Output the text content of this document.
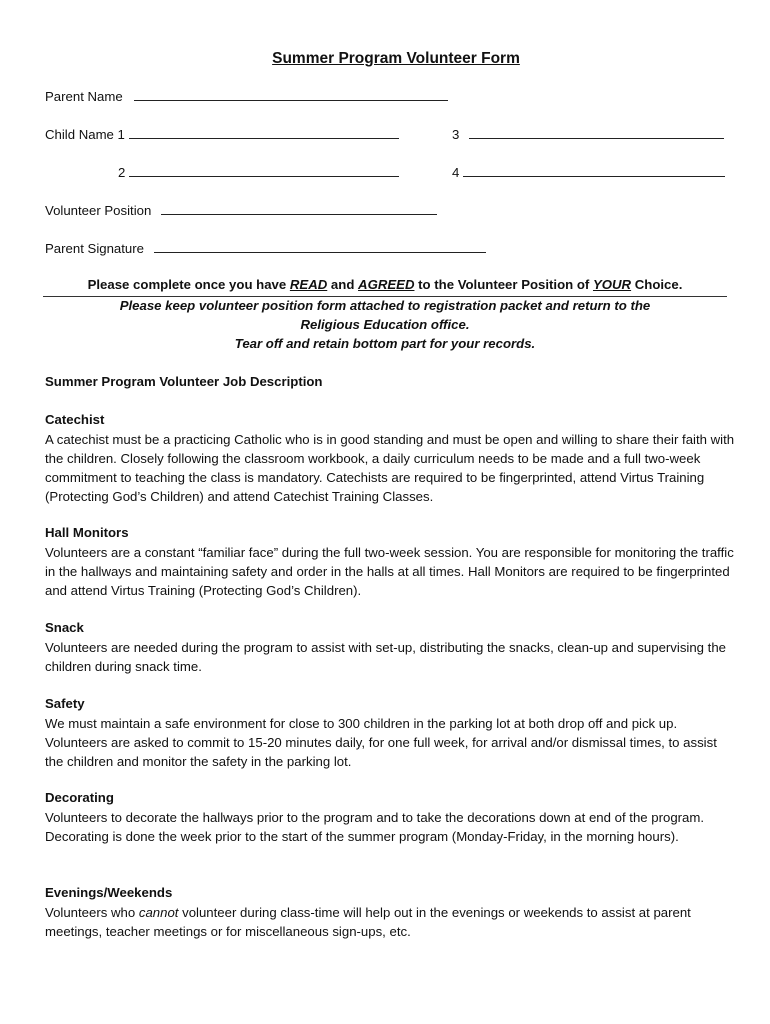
Summer Program Volunteer Form
Parent Name
Child Name 1	3
2	4
Volunteer Position
Parent Signature
Please complete once you have READ and AGREED to the Volunteer Position of YOUR Choice.
Please keep volunteer position form attached to registration packet and return to the
Religious Education office.
Tear off and retain bottom part for your records.
Summer Program Volunteer Job Description
Catechist
A catechist must be a practicing Catholic who is in good standing and must be open and willing to share their faith with the children. Closely following the classroom workbook, a daily curriculum needs to be made and a full two-week commitment to teaching the class is mandatory. Catechists are required to be fingerprinted, attend Virtus Training (Protecting God’s Children) and attend Catechist Training Classes.
Hall Monitors
Volunteers are a constant “familiar face” during the full two-week session. You are responsible for monitoring the traffic in the hallways and maintaining safety and order in the halls at all times. Hall Monitors are required to be fingerprinted and attend Virtus Training (Protecting God’s Children).
Snack
Volunteers are needed during the program to assist with set-up, distributing the snacks, clean-up and supervising the children during snack time.
Safety
We must maintain a safe environment for close to 300 children in the parking lot at both drop off and pick up. Volunteers are asked to commit to 15-20 minutes daily, for one full week, for arrival and/or dismissal times, to assist the children and monitor the safety in the parking lot.
Decorating
Volunteers to decorate the hallways prior to the program and to take the decorations down at end of the program. Decorating is done the week prior to the start of the summer program (Monday-Friday, in the morning hours).
Evenings/Weekends
Volunteers who cannot volunteer during class-time will help out in the evenings or weekends to assist at parent meetings, teacher meetings or for miscellaneous sign-ups, etc.
